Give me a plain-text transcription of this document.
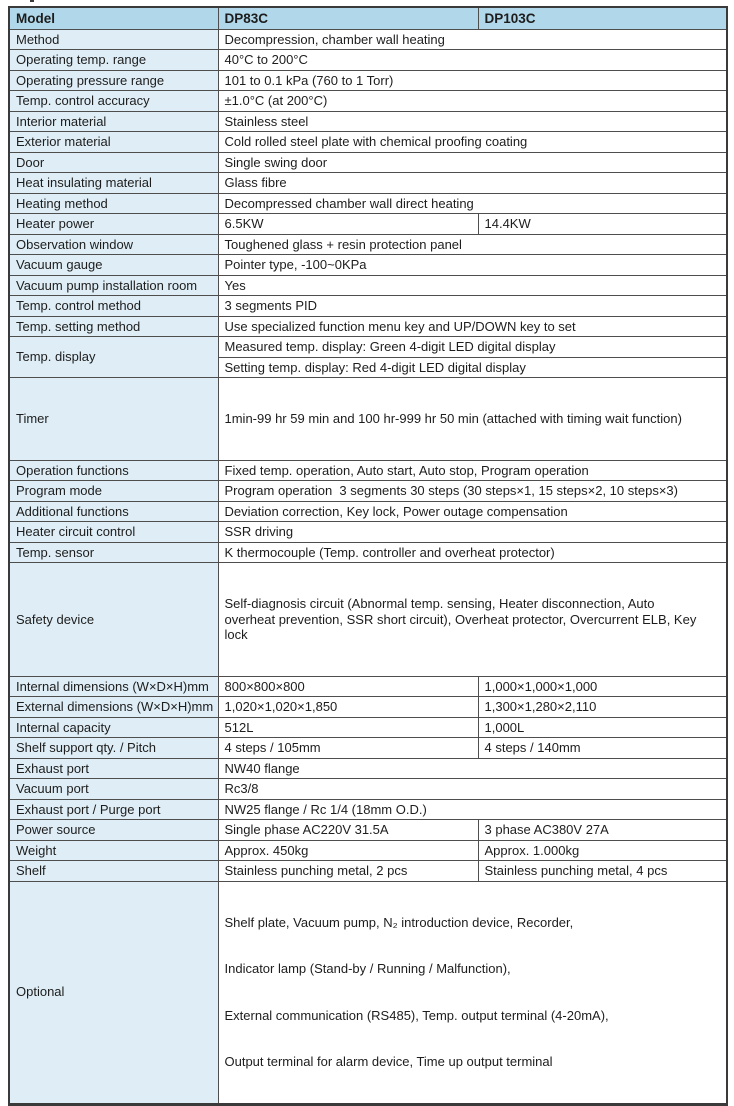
Model	DP83C	DP103C
Method	Decompression, chamber wall heating	
Operating temp. range	40°C to 200°C	
Operating pressure range	101 to 0.1 kPa (760 to 1 Torr)	
Temp. control accuracy	±1.0°C (at 200°C)	
Interior material	Stainless steel	
Exterior material	Cold rolled steel plate with chemical proofing coating	
Door	Single swing door	
Heat insulating material	Glass fibre	
Heating method	Decompressed chamber wall direct heating	
Heater power	6.5KW	14.4KW
Observation window	Toughened glass + resin protection panel	
Vacuum gauge	Pointer type, -100~0KPa	
Vacuum pump installation room	Yes	
Temp. control method	3 segments PID	
Temp. setting method	Use specialized function menu key and UP/DOWN key to set	
Temp. display	Measured temp. display: Green 4-digit LED digital display	
	Setting temp. display: Red 4-digit LED digital display	
Timer	1min-99 hr 59 min and 100 hr-999 hr 50 min (attached with timing wait function)	

Operation functions	Fixed temp. operation, Auto start, Auto stop, Program operation	
Program mode	Program operation  3 segments 30 steps (30 steps×1, 15 steps×2, 10 steps×3)	
Additional functions	Deviation correction, Key lock, Power outage compensation	
Heater circuit control	SSR driving	
Temp. sensor	K thermocouple (Temp. controller and overheat protector)	
Safety device	Self-diagnosis circuit (Abnormal temp. sensing, Heater disconnection, Auto overheat prevention, SSR short circuit), Overheat protector, Overcurrent ELB, Key lock	

Internal dimensions (W×D×H)mm	800×800×800	1,000×1,000×1,000
External dimensions (W×D×H)mm	1,020×1,020×1,850	1,300×1,280×2,110
Internal capacity	512L	1,000L
Shelf support qty. / Pitch	4 steps / 105mm	4 steps / 140mm
Exhaust port	NW40 flange	
Vacuum port	Rc3/8	
Exhaust port / Purge port	NW25 flange / Rc 1/4 (18mm O.D.)	
Power source	Single phase AC220V 31.5A	3 phase AC380V 27A
Weight	Approx. 450kg	Approx. 1.000kg
Shelf	Stainless punching metal, 2 pcs	Stainless punching metal, 4 pcs
Optional	Shelf plate, Vacuum pump, N₂ introduction device, Recorder,

Indicator lamp (Stand-by / Running / Malfunction),

External communication (RS485), Temp. output terminal (4-20mA),

Output terminal for alarm device, Time up output terminal	
